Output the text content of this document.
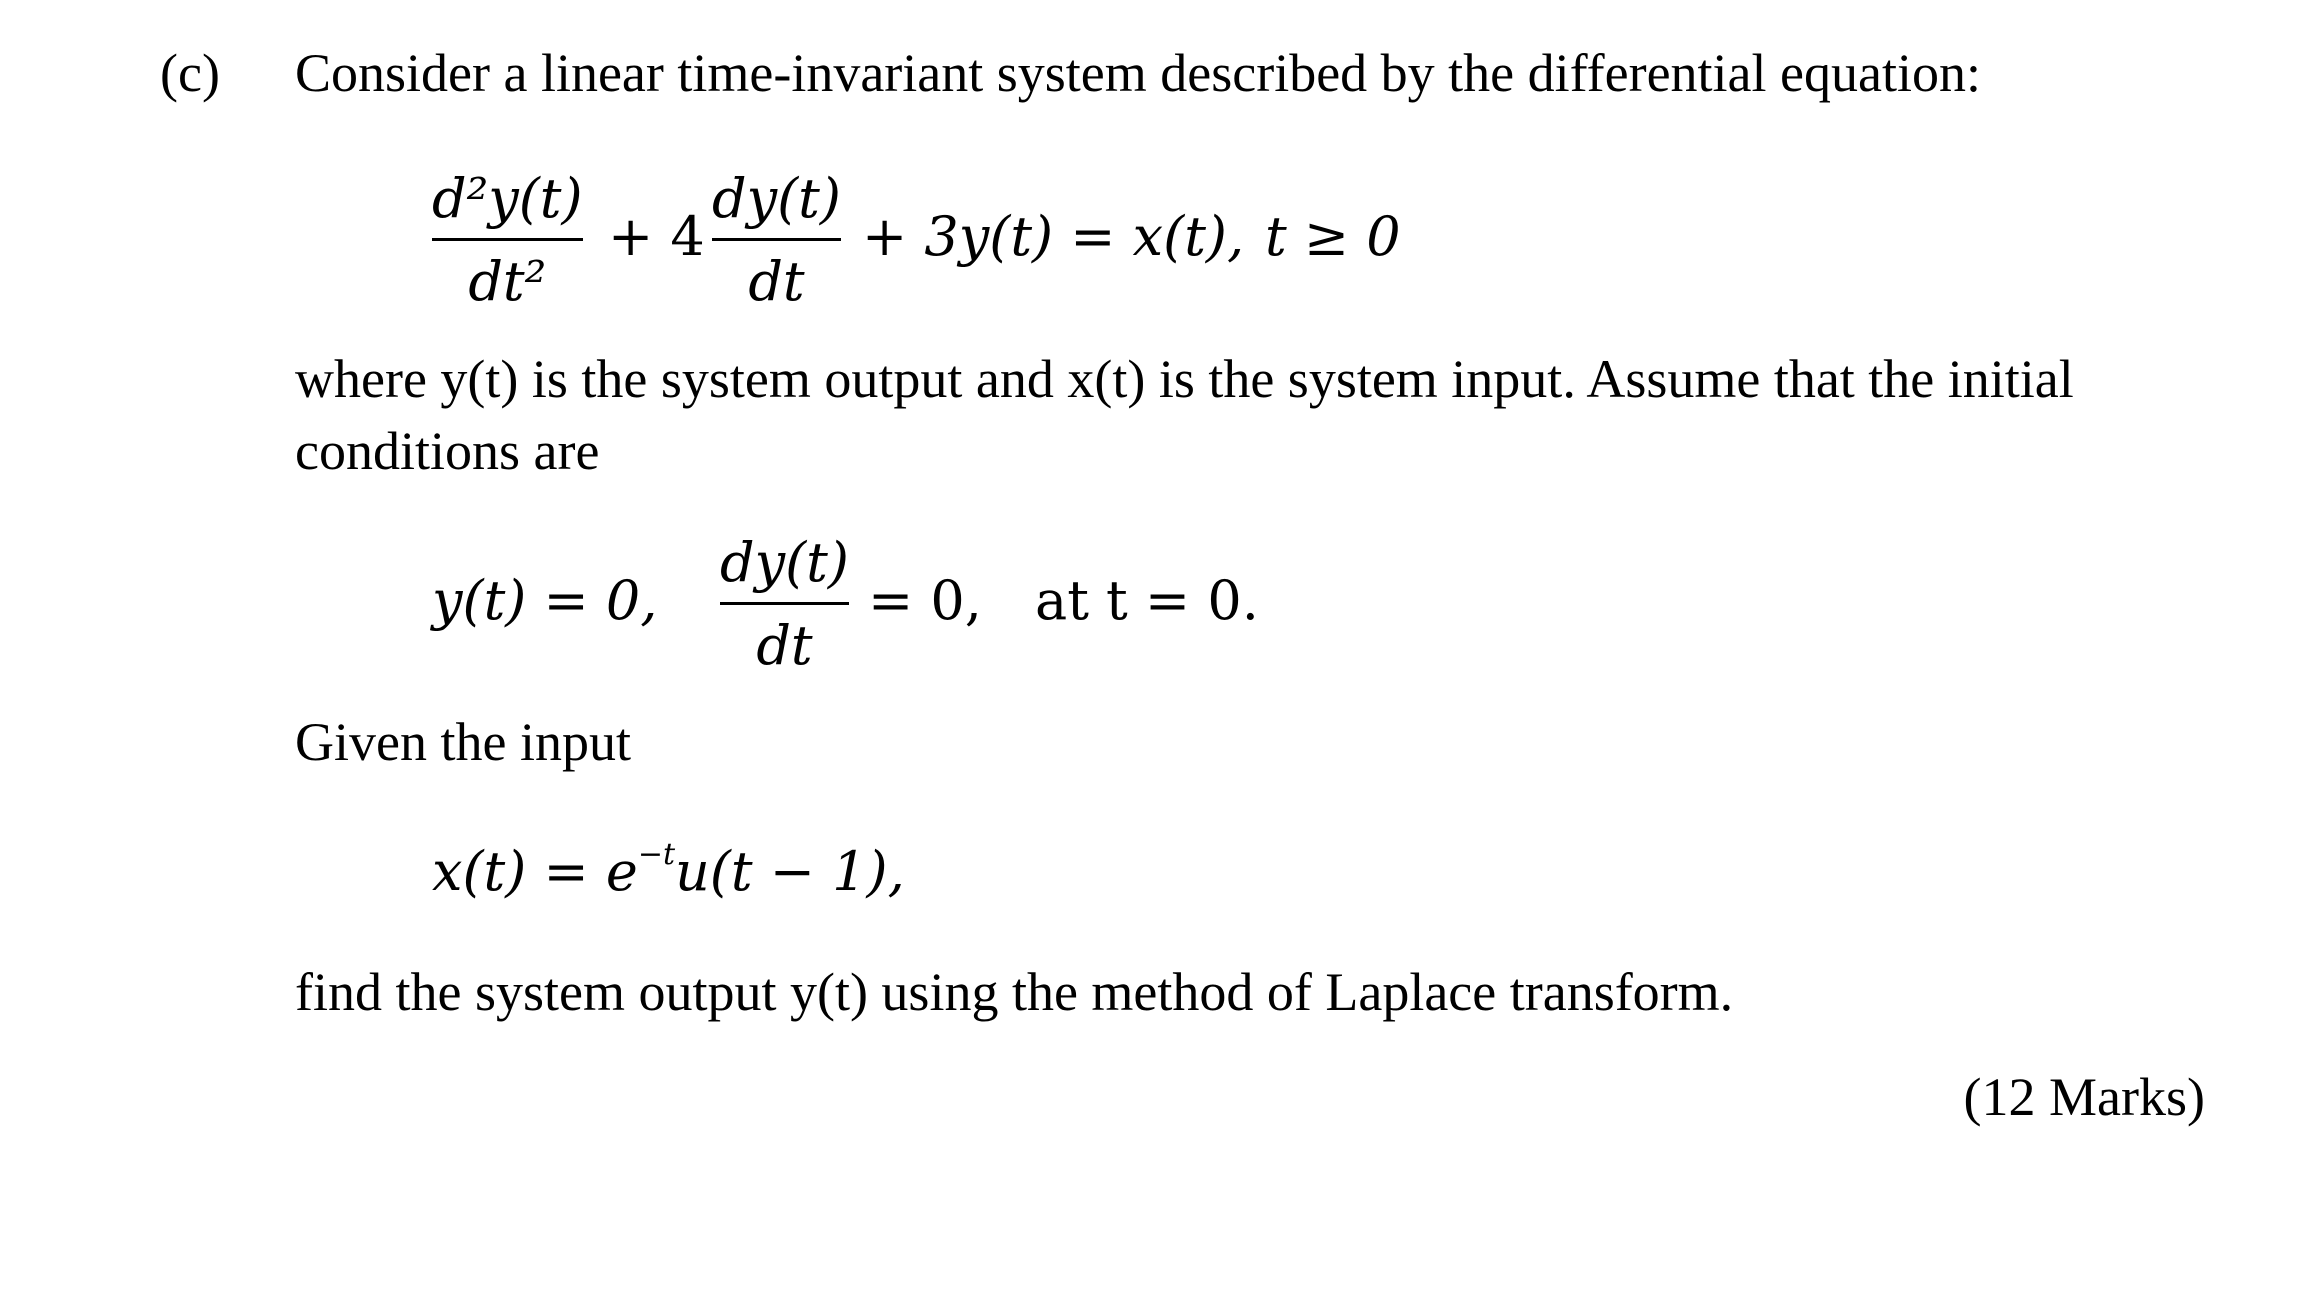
(c) Consider a linear time-invariant system described by the differential equation:
d²y(t)
dt²
+ 4
dy(t)
dt
+ 3y(t) = x(t), t ≥ 0
where y(t) is the system output and x(t) is the system input. Assume that the initial
conditions are
y(t) = 0,
dy(t)
dt
= 0, at t = 0.
Given the input
$x(t) = e^{-t}u(t - 1)$,
find the system output y(t) using the method of Laplace transform.
(12 Marks)
